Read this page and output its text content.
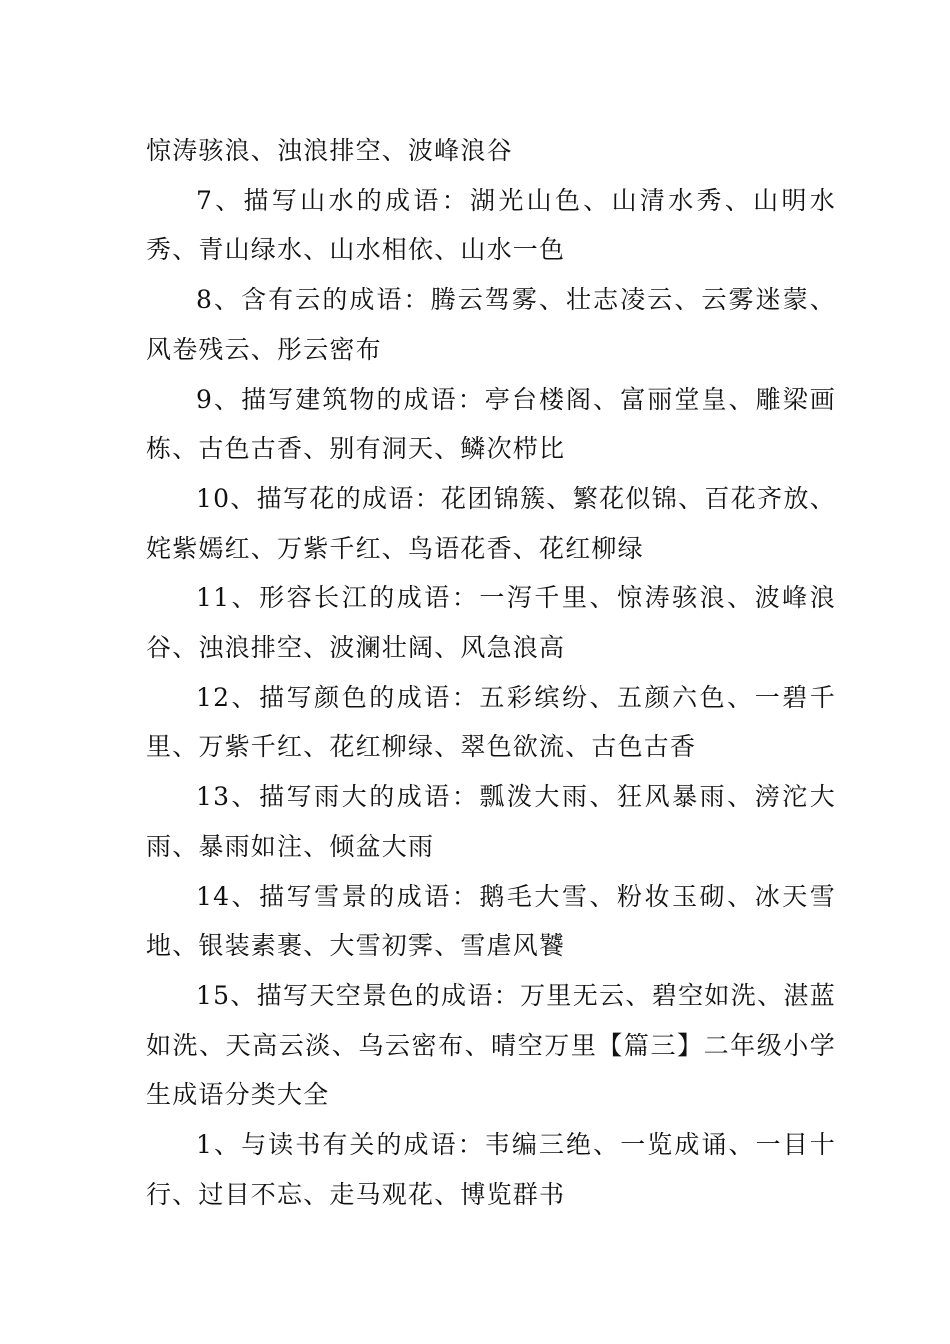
惊涛骇浪、浊浪排空、波峰浪谷

7、描写山水的成语：湖光山色、山清水秀、山明水秀、青山绿水、山水相依、山水一色

8、含有云的成语：腾云驾雾、壮志凌云、云雾迷蒙、风卷残云、彤云密布

9、描写建筑物的成语：亭台楼阁、富丽堂皇、雕梁画栋、古色古香、别有洞天、鳞次栉比

10、描写花的成语：花团锦簇、繁花似锦、百花齐放、姹紫嫣红、万紫千红、鸟语花香、花红柳绿

11、形容长江的成语：一泻千里、惊涛骇浪、波峰浪谷、浊浪排空、波澜壮阔、风急浪高

12、描写颜色的成语：五彩缤纷、五颜六色、一碧千里、万紫千红、花红柳绿、翠色欲流、古色古香

13、描写雨大的成语：瓢泼大雨、狂风暴雨、滂沱大雨、暴雨如注、倾盆大雨

14、描写雪景的成语：鹅毛大雪、粉妆玉砌、冰天雪地、银装素裹、大雪初霁、雪虐风饕

15、描写天空景色的成语：万里无云、碧空如洗、湛蓝如洗、天高云淡、乌云密布、晴空万里【篇三】二年级小学生成语分类大全

1、与读书有关的成语：韦编三绝、一览成诵、一目十行、过目不忘、走马观花、博览群书
